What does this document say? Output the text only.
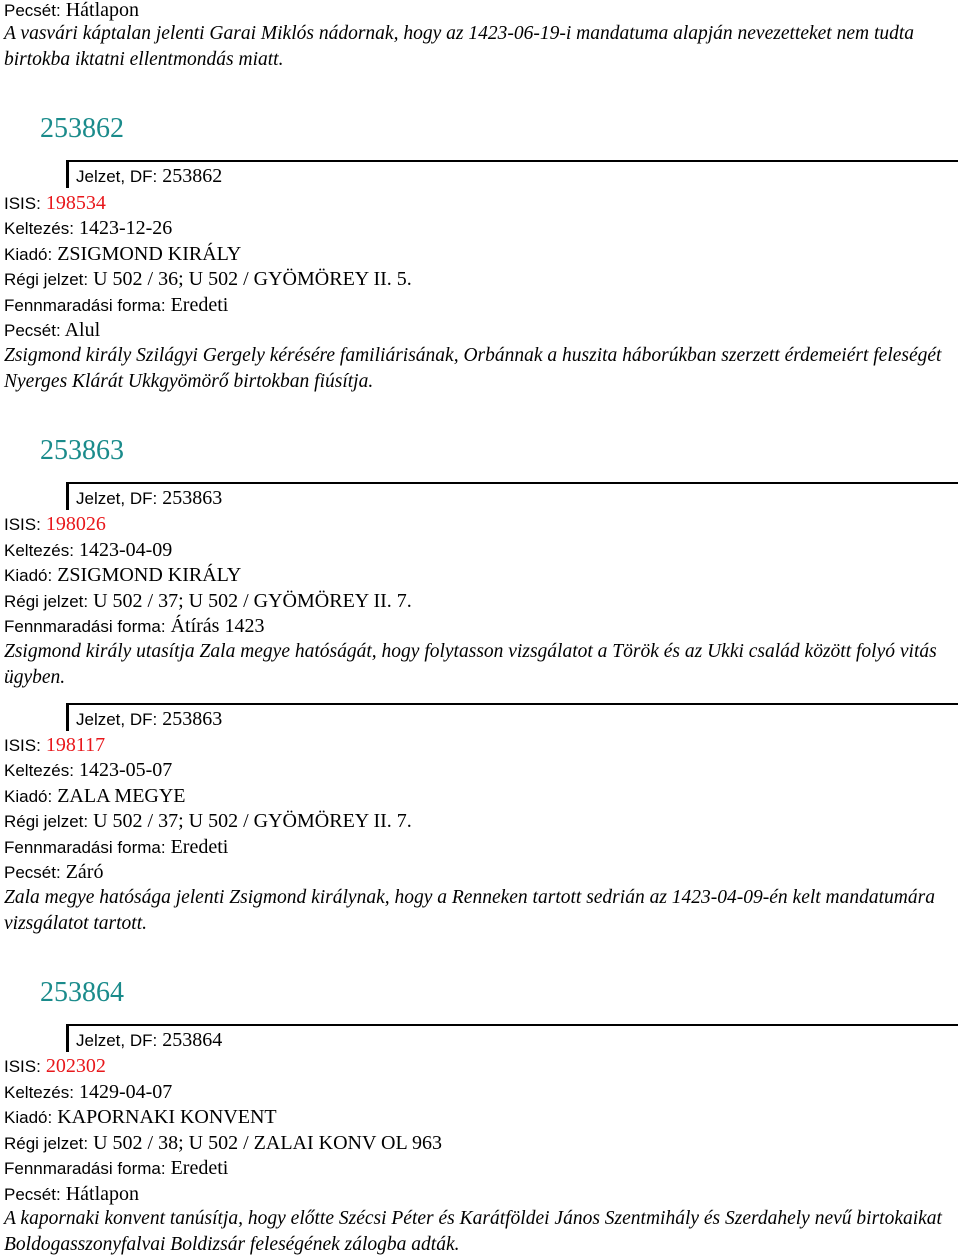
Pecsét: Hátlapon
A vasvári káptalan jelenti Garai Miklós nádornak, hogy az 1423-06-19-i mandatuma alapján nevezetteket nem tudta birtokba iktatni ellentmondás miatt.
253862
Jelzet, DF: 253862
ISIS: 198534
Keltezés: 1423-12-26
Kiadó: ZSIGMOND KIRÁLY
Régi jelzet: U 502 / 36; U 502 / GYÖMÖREY II. 5.
Fennmaradási forma: Eredeti
Pecsét: Alul
Zsigmond király Szilágyi Gergely kérésére familiárisának, Orbánnak a huszita háborúkban szerzett érdemeiért feleségét Nyerges Klárát Ukkgyömörő birtokban fiúsítja.
253863
Jelzet, DF: 253863
ISIS: 198026
Keltezés: 1423-04-09
Kiadó: ZSIGMOND KIRÁLY
Régi jelzet: U 502 / 37; U 502 / GYÖMÖREY II. 7.
Fennmaradási forma: Átírás 1423
Zsigmond király utasítja Zala megye hatóságát, hogy folytasson vizsgálatot a Török és az Ukki család között folyó vitás ügyben.
Jelzet, DF: 253863
ISIS: 198117
Keltezés: 1423-05-07
Kiadó: ZALA MEGYE
Régi jelzet: U 502 / 37; U 502 / GYÖMÖREY II. 7.
Fennmaradási forma: Eredeti
Pecsét: Záró
Zala megye hatósága jelenti Zsigmond királynak, hogy a Renneken tartott sedrián az 1423-04-09-én kelt mandatumára vizsgálatot tartott.
253864
Jelzet, DF: 253864
ISIS: 202302
Keltezés: 1429-04-07
Kiadó: KAPORNAKI KONVENT
Régi jelzet: U 502 / 38; U 502 / ZALAI KONV OL 963
Fennmaradási forma: Eredeti
Pecsét: Hátlapon
A kapornaki konvent tanúsítja, hogy előtte Szécsi Péter és Karátföldei János Szentmihály és Szerdahely nevű birtokaikat Boldogasszonyfalvai Boldizsár feleségének zálogba adták.
